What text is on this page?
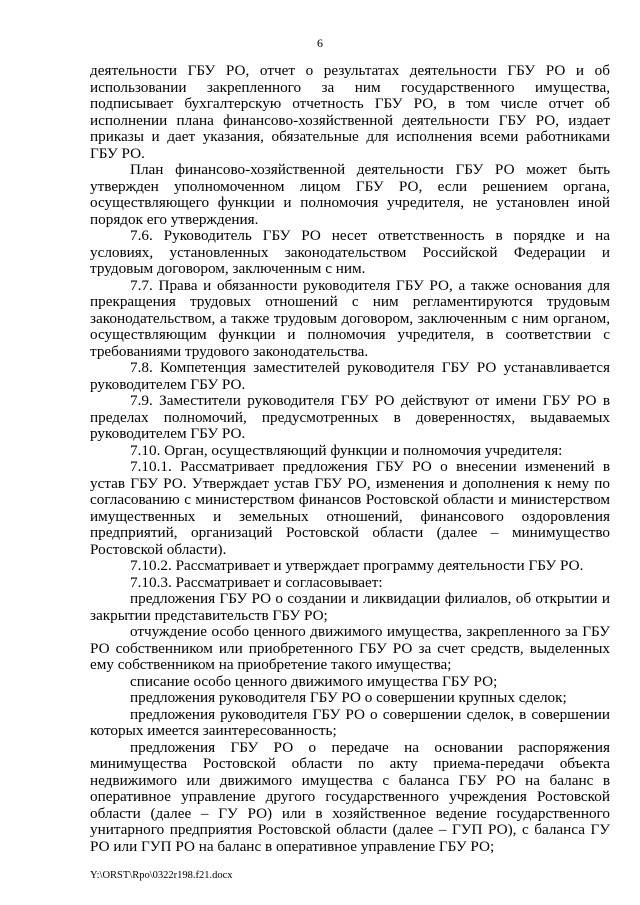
6

деятельности ГБУ РО, отчет о результатах деятельности ГБУ РО и об использовании закрепленного за ним государственного имущества, подписывает бухгалтерскую отчетность ГБУ РО, в том числе отчет об исполнении плана финансово-хозяйственной деятельности ГБУ РО, издает приказы и дает указания, обязательные для исполнения всеми работниками ГБУ РО.

План финансово-хозяйственной деятельности ГБУ РО может быть утвержден уполномоченном лицом ГБУ РО, если решением органа, осуществляющего функции и полномочия учредителя, не установлен иной порядок его утверждения.

7.6. Руководитель ГБУ РО несет ответственность в порядке и на условиях, установленных законодательством Российской Федерации и трудовым договором, заключенным с ним.

7.7. Права и обязанности руководителя ГБУ РО, а также основания для прекращения трудовых отношений с ним регламентируются трудовым законодательством, а также трудовым договором, заключенным с ним органом, осуществляющим функции и полномочия учредителя, в соответствии с требованиями трудового законодательства.

7.8. Компетенция заместителей руководителя ГБУ РО устанавливается руководителем ГБУ РО.

7.9. Заместители руководителя ГБУ РО действуют от имени ГБУ РО в пределах полномочий, предусмотренных в доверенностях, выдаваемых руководителем ГБУ РО.

7.10. Орган, осуществляющий функции и полномочия учредителя:

7.10.1. Рассматривает предложения ГБУ РО о внесении изменений в устав ГБУ РО. Утверждает устав ГБУ РО, изменения и дополнения к нему по согласованию с министерством финансов Ростовской области и министерством имущественных и земельных отношений, финансового оздоровления предприятий, организаций Ростовской области (далее – минимущество Ростовской области).

7.10.2. Рассматривает и утверждает программу деятельности ГБУ РО.

7.10.3. Рассматривает и согласовывает:

предложения ГБУ РО о создании и ликвидации филиалов, об открытии и закрытии представительств ГБУ РО;

отчуждение особо ценного движимого имущества, закрепленного за ГБУ РО собственником или приобретенного ГБУ РО за счет средств, выделенных ему собственником на приобретение такого имущества;

списание особо ценного движимого имущества ГБУ РО;

предложения руководителя ГБУ РО о совершении крупных сделок;

предложения руководителя ГБУ РО о совершении сделок, в совершении которых имеется заинтересованность;

предложения ГБУ РО о передаче на основании распоряжения минимущества Ростовской области по акту приема-передачи объекта недвижимого или движимого имущества с баланса ГБУ РО на баланс в оперативное управление другого государственного учреждения Ростовской области (далее – ГУ РО) или в хозяйственное ведение государственного унитарного предприятия Ростовской области (далее – ГУП РО), с баланса ГУ РО или ГУП РО на баланс в оперативное управление ГБУ РО;

Y:\ORST\Rpo\0322r198.f21.docx
